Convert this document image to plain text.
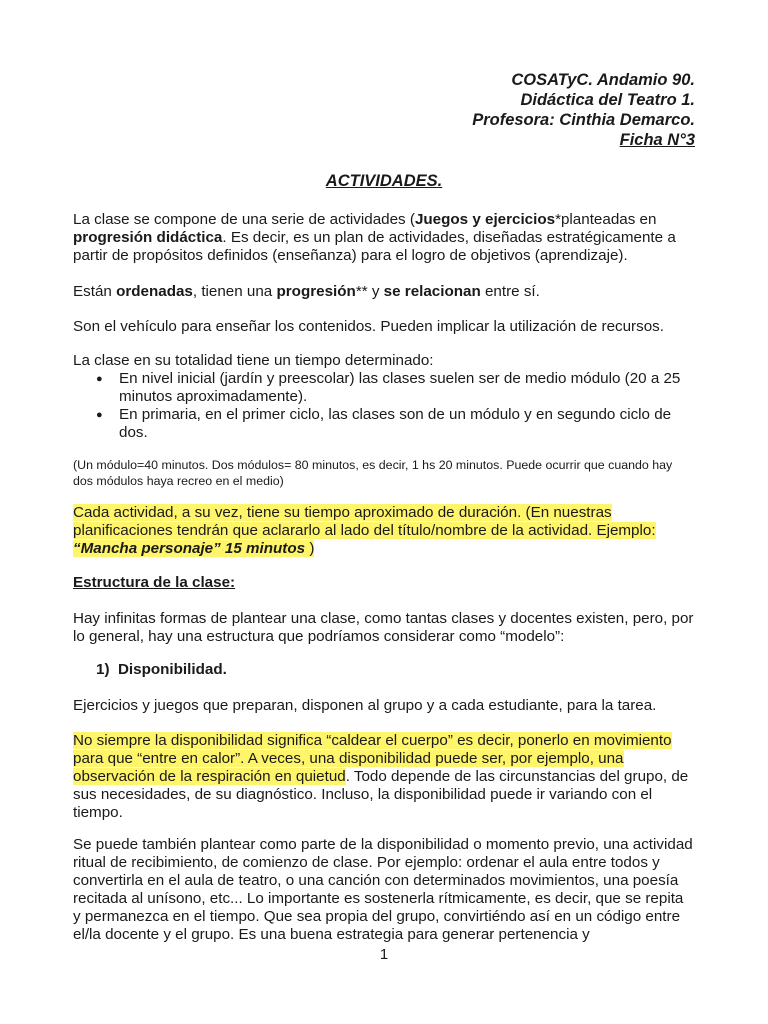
COSATyC. Andamio 90.
Didáctica del Teatro 1.
Profesora: Cinthia Demarco.
Ficha N°3
ACTIVIDADES.

La clase se compone de una serie de actividades (Juegos y ejercicios*planteadas en progresión didáctica. Es decir, es un plan de actividades, diseñadas estratégicamente a partir de propósitos definidos (enseñanza) para el logro de objetivos (aprendizaje).

Están ordenadas, tienen una progresión** y se relacionan entre sí.

Son el vehículo para enseñar los contenidos. Pueden implicar la utilización de recursos.

La clase en su totalidad tiene un tiempo determinado:

● En nivel inicial (jardín y preescolar) las clases suelen ser de medio módulo (20 a 25 minutos aproximadamente).
● En primaria, en el primer ciclo, las clases son de un módulo y en segundo ciclo de dos.

(Un módulo=40 minutos. Dos módulos= 80 minutos, es decir, 1 hs 20 minutos. Puede ocurrir que cuando hay dos módulos haya recreo en el medio)

Cada actividad, a su vez, tiene su tiempo aproximado de duración. (En nuestras planificaciones tendrán que aclararlo al lado del título/nombre de la actividad. Ejemplo: “Mancha personaje” 15 minutos )

Estructura de la clase:

Hay infinitas formas de plantear una clase, como tantas clases y docentes existen, pero, por lo general, hay una estructura que podríamos considerar como “modelo”:

1) Disponibilidad.

Ejercicios y juegos que preparan, disponen al grupo y a cada estudiante, para la tarea.

No siempre la disponibilidad significa “caldear el cuerpo” es decir, ponerlo en movimiento para que “entre en calor”. A veces, una disponibilidad puede ser, por ejemplo, una observación de la respiración en quietud. Todo depende de las circunstancias del grupo, de sus necesidades, de su diagnóstico. Incluso, la disponibilidad puede ir variando con el tiempo.

Se puede también plantear como parte de la disponibilidad o momento previo, una actividad ritual de recibimiento, de comienzo de clase. Por ejemplo: ordenar el aula entre todos y convertirla en el aula de teatro, o una canción con determinados movimientos, una poesía recitada al unísono, etc... Lo importante es sostenerla rítmicamente, es decir, que se repita y permanezca en el tiempo. Que sea propia del grupo, convirtiéndo así en un código entre el/la docente y el grupo. Es una buena estrategia para generar pertenencia y

1
